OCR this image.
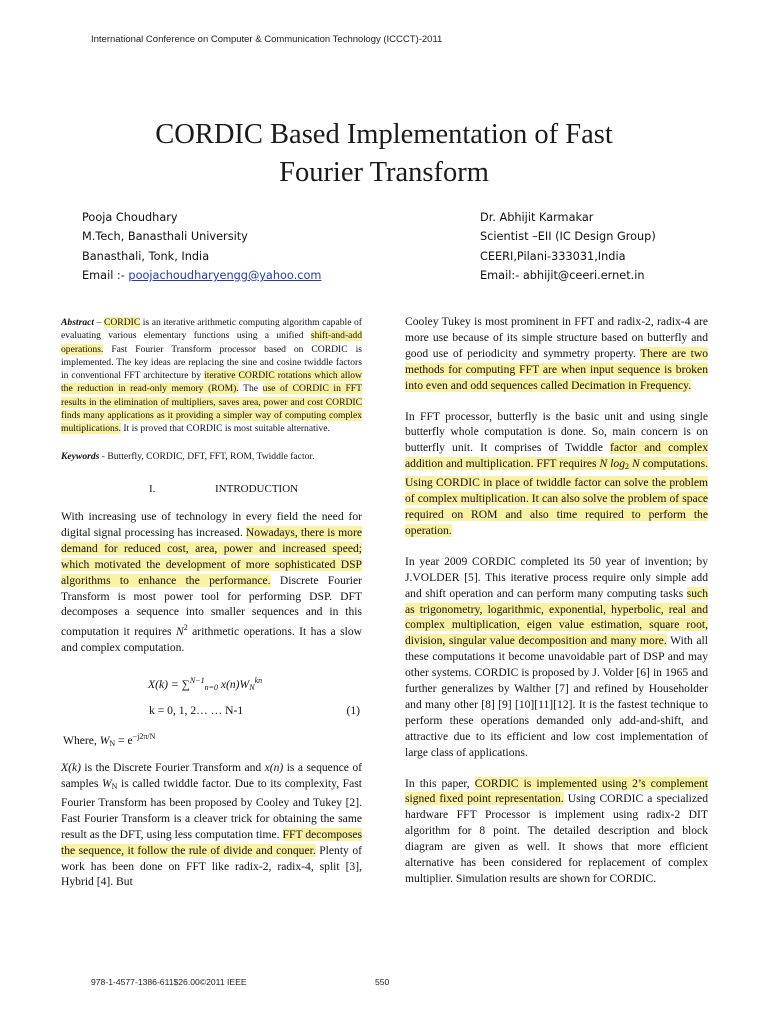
International Conference on Computer & Communication Technology (ICCCT)-2011
CORDIC Based Implementation of Fast
Fourier Transform
Pooja Choudhary
M.Tech, Banasthali University
Banasthali, Tonk, India
Email :- poojachoudharyengg@yahoo.com
Dr. Abhijit Karmakar
Scientist –EII (IC Design Group)
CEERI,Pilani-333031,India
Email:- abhijit@ceeri.ernet.in

Abstract – CORDIC is an iterative arithmetic computing algorithm capable of evaluating various elementary functions using a unified shift-and-add operations. Fast Fourier Transform processor based on CORDIC is implemented. The key ideas are replacing the sine and cosine twiddle factors in conventional FFT architecture by iterative CORDIC rotations which allow the reduction in read-only memory (ROM). The use of CORDIC in FFT results in the elimination of multipliers, saves area, power and cost CORDIC finds many applications as it providing a simpler way of computing complex multiplications. It is proved that CORDIC is most suitable alternative.

Keywords - Butterfly, CORDIC, DFT, FFT, ROM, Twiddle factor.

I.	INTRODUCTION

With increasing use of technology in every field the need for digital signal processing has increased. Nowadays, there is more demand for reduced cost, area, power and increased speed; which motivated the development of more sophisticated DSP algorithms to enhance the performance. Discrete Fourier Transform is most power tool for performing DSP. DFT decomposes a sequence into smaller sequences and in this computation it requires $N^2$ arithmetic operations. It has a slow and complex computation.

X(k) = ∑$^{N-1}_{n=0}$ $x(n)W_N^{kn}$
k = 0, 1, 2… … N-1	(1)
Where, $W_N = e^{-j2\pi/N}$

X(k) is the Discrete Fourier Transform and x(n) is a sequence of samples $W_N$ is called twiddle factor. Due to its complexity, Fast Fourier Transform has been proposed by Cooley and Tukey [2]. Fast Fourier Transform is a cleaver trick for obtaining the same result as the DFT, using less computation time. FFT decomposes the sequence, it follow the rule of divide and conquer. Plenty of work has been done on FFT like radix-2, radix-4, split [3], Hybrid [4]. But

Cooley Tukey is most prominent in FFT and radix-2, radix-4 are more use because of its simple structure based on butterfly and good use of periodicity and symmetry property. There are two methods for computing FFT are when input sequence is broken into even and odd sequences called Decimation in Frequency.

In FFT processor, butterfly is the basic unit and using single butterfly whole computation is done. So, main concern is on butterfly unit. It comprises of Twiddle factor and complex addition and multiplication. FFT requires N $\log_2 N$ computations. Using CORDIC in place of twiddle factor can solve the problem of complex multiplication. It can also solve the problem of space required on ROM and also time required to perform the operation.

In year 2009 CORDIC completed its 50 year of invention; by J.VOLDER [5]. This iterative process require only simple add and shift operation and can perform many computing tasks such as trigonometry, logarithmic, exponential, hyperbolic, real and complex multiplication, eigen value estimation, square root, division, singular value decomposition and many more. With all these computations it become unavoidable part of DSP and may other systems. CORDIC is proposed by J. Volder [6] in 1965 and further generalizes by Walther [7] and refined by Householder and many other [8] [9] [10][11][12]. It is the fastest technique to perform these operations demanded only add-and-shift, and attractive due to its efficient and low cost implementation of large class of applications.

In this paper, CORDIC is implemented using 2’s complement signed fixed point representation. Using CORDIC a specialized hardware FFT Processor is implement using radix-2 DIT algorithm for 8 point. The detailed description and block diagram are given as well. It shows that more efficient alternative has been considered for replacement of complex multiplier. Simulation results are shown for CORDIC.

978-1-4577-1386-611$26.00©2011 IEEE	550
